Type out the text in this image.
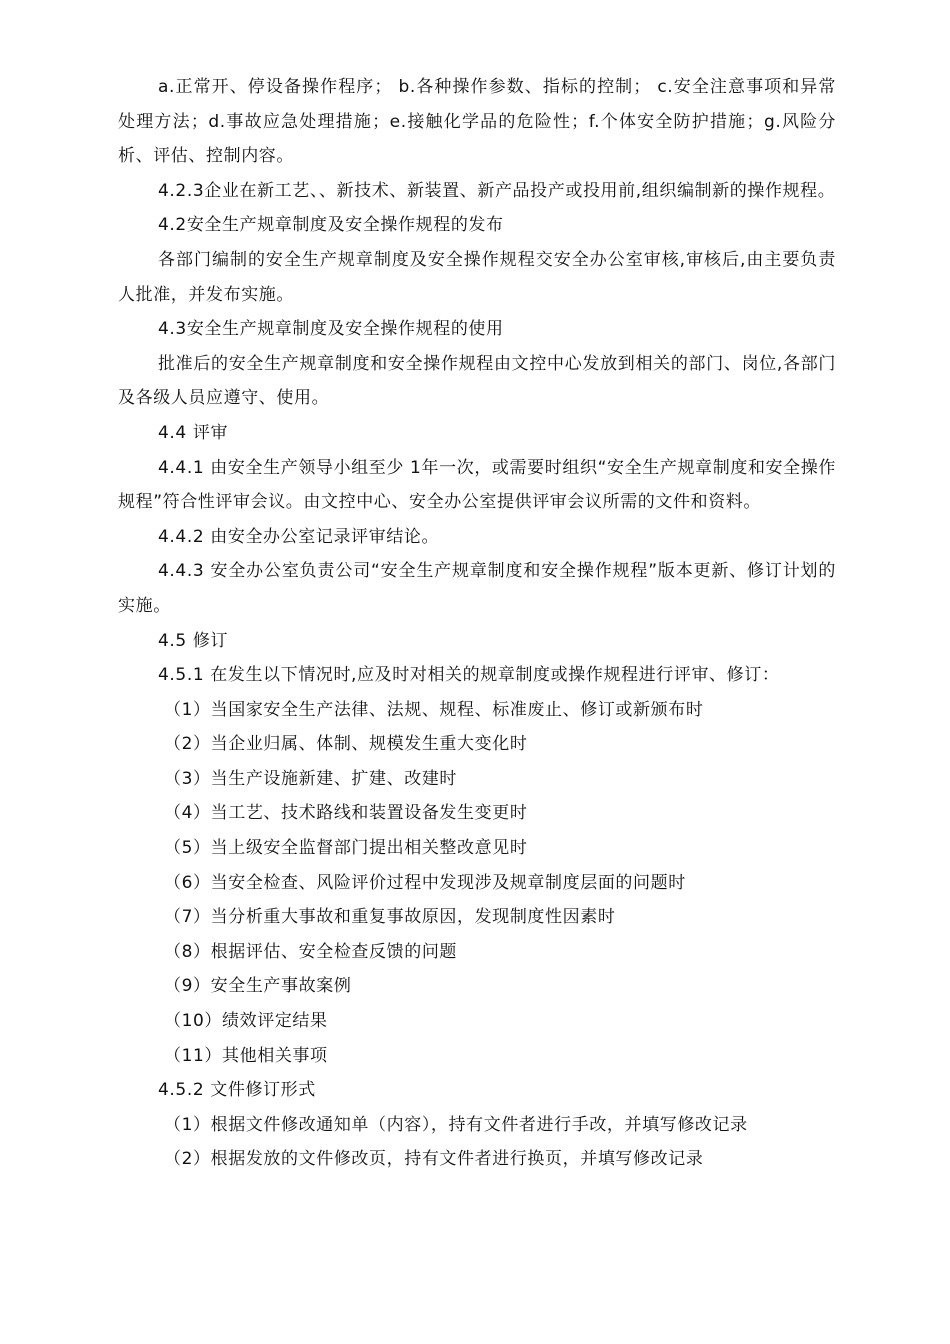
a.正常开、停设备操作程序； b.各种操作参数、指标的控制； c.安全注意事项和异常处理方法；d.事故应急处理措施；e.接触化学品的危险性；f.个体安全防护措施；g.风险分析、评估、控制内容。

4.2.3企业在新工艺、、新技术、新装置、新产品投产或投用前,组织编制新的操作规程。

4.2安全生产规章制度及安全操作规程的发布

各部门编制的安全生产规章制度及安全操作规程交安全办公室审核,审核后,由主要负责人批准，并发布实施。

4.3安全生产规章制度及安全操作规程的使用

批准后的安全生产规章制度和安全操作规程由文控中心发放到相关的部门、岗位,各部门及各级人员应遵守、使用。

4.4 评审

4.4.1 由安全生产领导小组至少 1年一次，或需要时组织“安全生产规章制度和安全操作规程”符合性评审会议。由文控中心、安全办公室提供评审会议所需的文件和资料。

4.4.2 由安全办公室记录评审结论。

4.4.3 安全办公室负责公司“安全生产规章制度和安全操作规程”版本更新、修订计划的实施。

4.5 修订

4.5.1 在发生以下情况时,应及时对相关的规章制度或操作规程进行评审、修订：

（1）当国家安全生产法律、法规、规程、标准废止、修订或新颁布时

（2）当企业归属、体制、规模发生重大变化时

（3）当生产设施新建、扩建、改建时

（4）当工艺、技术路线和装置设备发生变更时

（5）当上级安全监督部门提出相关整改意见时

（6）当安全检查、风险评价过程中发现涉及规章制度层面的问题时

（7）当分析重大事故和重复事故原因，发现制度性因素时

（8）根据评估、安全检查反馈的问题

（9）安全生产事故案例

（10）绩效评定结果

（11）其他相关事项

4.5.2 文件修订形式

（1）根据文件修改通知单（内容），持有文件者进行手改，并填写修改记录

（2）根据发放的文件修改页，持有文件者进行换页，并填写修改记录
